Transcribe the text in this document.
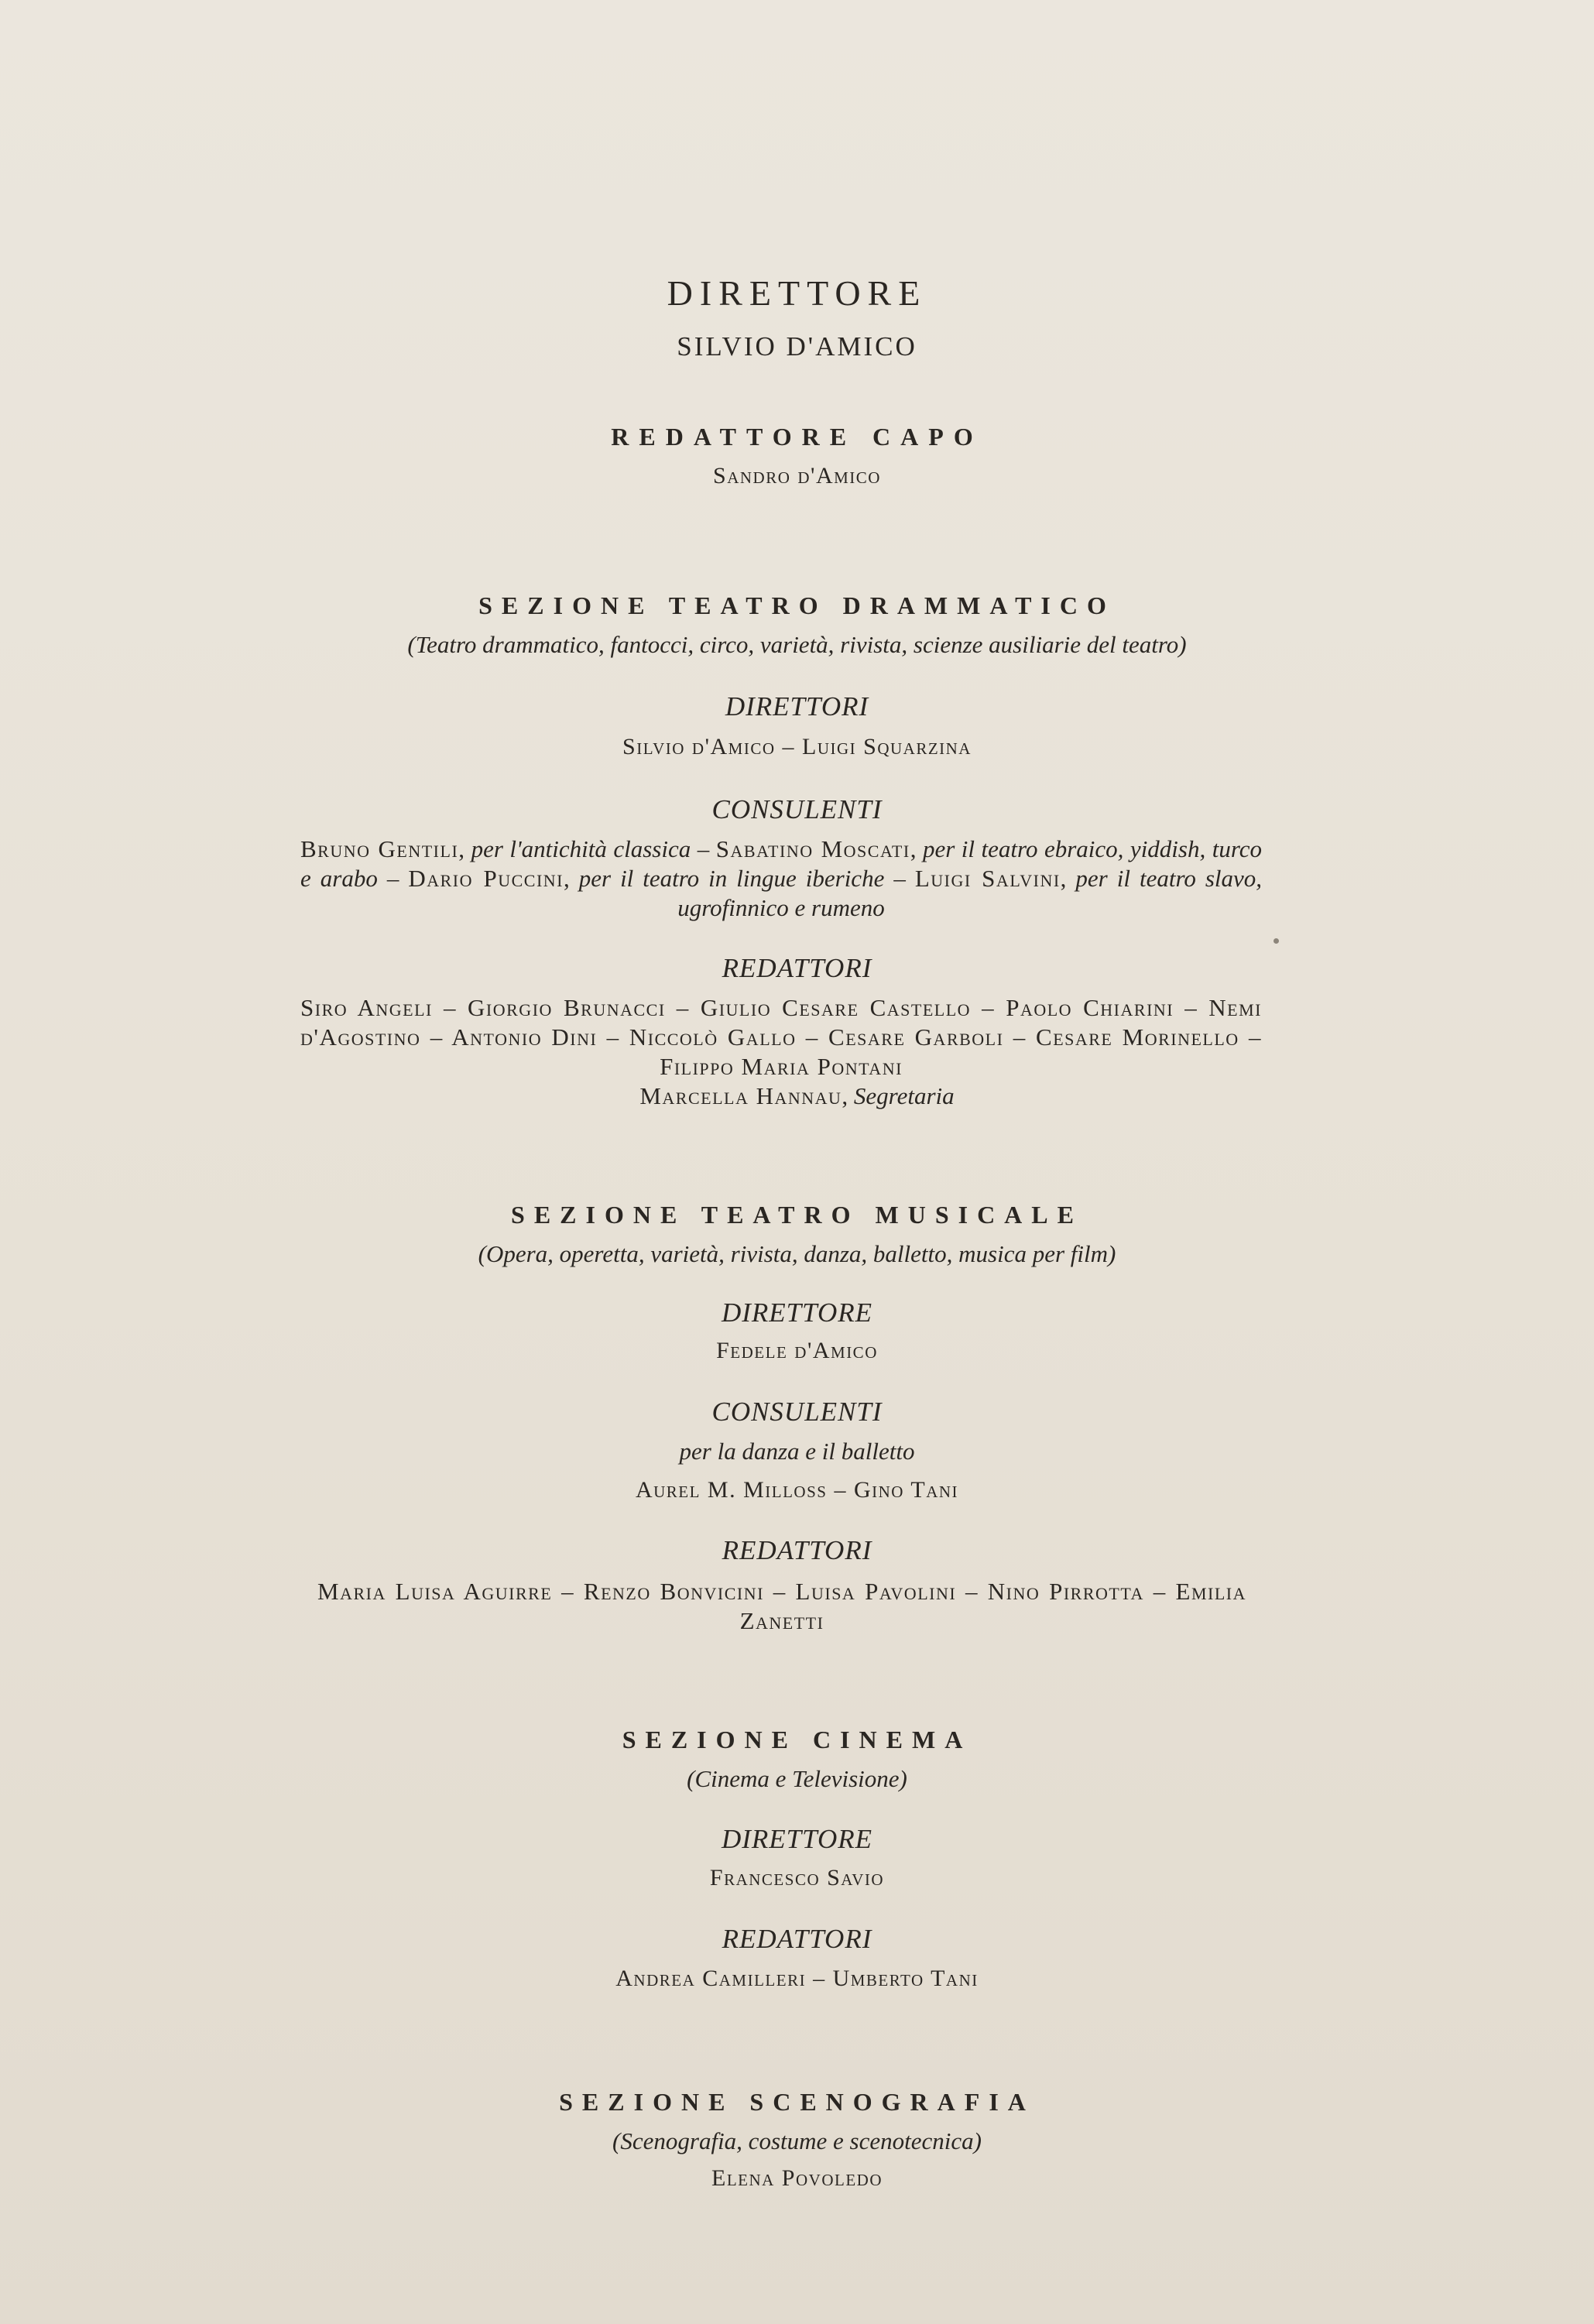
DIRETTORE
SILVIO D'AMICO
REDATTORE CAPO
Sandro d'Amico
SEZIONE TEATRO DRAMMATICO
(Teatro drammatico, fantocci, circo, varietà, rivista, scienze ausiliarie del teatro)
DIRETTORI
Silvio d'Amico – Luigi Squarzina
CONSULENTI
Bruno Gentili, per l'antichità classica – Sabatino Moscati, per il teatro ebraico, yiddish, turco e arabo – Dario Puccini, per il teatro in lingue iberiche – Luigi Salvini, per il teatro slavo, ugrofinnico e rumeno
REDATTORI
Siro Angeli – Giorgio Brunacci – Giulio Cesare Castello – Paolo Chiarini – Nemi d'Agostino – Antonio Dini – Niccolò Gallo – Cesare Garboli – Cesare Morinello – Filippo Maria Pontani
Marcella Hannau, Segretaria
SEZIONE TEATRO MUSICALE
(Opera, operetta, varietà, rivista, danza, balletto, musica per film)
DIRETTORE
Fedele d'Amico
CONSULENTI
per la danza e il balletto
Aurel M. Milloss – Gino Tani
REDATTORI
Maria Luisa Aguirre – Renzo Bonvicini – Luisa Pavolini – Nino Pirrotta – Emilia Zanetti
SEZIONE CINEMA
(Cinema e Televisione)
DIRETTORE
Francesco Savio
REDATTORI
Andrea Camilleri – Umberto Tani
SEZIONE SCENOGRAFIA
(Scenografia, costume e scenotecnica)
Elena Povoledo
